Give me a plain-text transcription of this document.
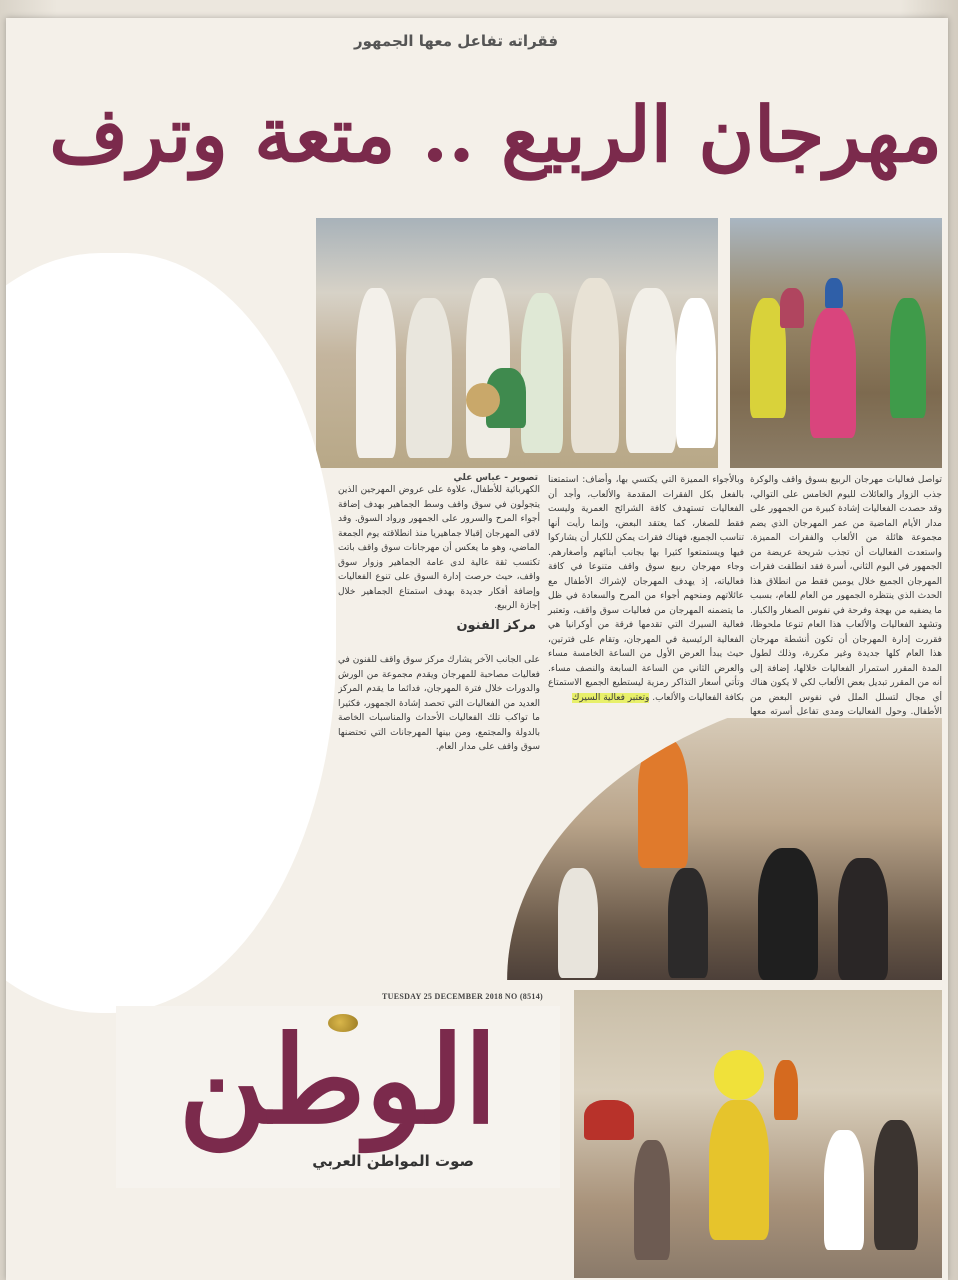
فقراته تفاعل معها الجمهور
مهرجان الربيع .. متعة وترف
تصوير - عباس علي	تواصل فعاليات مهرجان الربيع بسوق واقف والوكرة جذب الزوار والعائلات لليوم الخامس على التوالي، وقد حصدت الفعاليات إشادة كبيرة من الجمهور على مدار الأيام الماضية من عمر المهرجان الذي يضم مجموعة هائلة من الألعاب والفقرات المميزة. واستعدت الفعاليات أن تجذب شريحة عريضة من الجمهور في اليوم الثاني، أسرة فقد انطلقت فقرات المهرجان الجميع خلال يومين فقط من انطلاق هذا الحدث الذي ينتظره الجمهور من العام للعام، بسبب ما يضفيه من بهجة وفرحة في نفوس الصغار والكبار. وتشهد الفعاليات والألعاب هذا العام تنوعا ملحوظا، فقررت إدارة المهرجان أن تكون أنشطة مهرجان هذا العام كلها جديدة وغير مكررة، وذلك لطول المدة المقرر استمرار الفعاليات خلالها، إضافة إلى أنه من المقرر تبديل بعض الألعاب لكي لا يكون هناك أي مجال لتسلل الملل في نفوس البعض من الأطفال. وحول الفعاليات ومدى تفاعل أسرته معها
وبالأجواء المميزة التي يكتسي بها، وأضاف: استمتعنا بالفعل بكل الفقرات المقدمة والألعاب، وأجد أن الفعاليات تستهدف كافة الشرائح العمرية وليست فقط للصغار، كما يعتقد البعض، وإنما رأيت أنها تناسب الجميع، فهناك فقرات يمكن للكبار أن يشاركوا فيها ويستمتعوا كثيرا بها بجانب أبنائهم وأصغارهم. وجاء مهرجان ربيع سوق واقف متنوعا في كافة فعالياته، إذ يهدف المهرجان لإشراك الأطفال مع عائلاتهم ومنحهم أجواء من المرح والسعادة في ظل ما يتضمنه المهرجان من فعاليات سوق واقف، وتعتبر فعالية السيرك التي تقدمها فرقة من أوكرانيا هي الفعالية الرئيسية في المهرجان، وتقام على فترتين، حيث يبدأ العرض الأول من الساعة الخامسة مساء والعرض الثاني من الساعة السابعة والنصف مساء. وتأتي أسعار التذاكر رمزية ليستطيع الجميع الاستمتاع بكافة الفعاليات والألعاب. وتعتبر فعالية السيرك
الكهربائية للأطفال، علاوة على عروض المهرجين الذين يتجولون في سوق واقف وسط الجماهير بهدف إضافة أجواء المرح والسرور على الجمهور ورواد السوق. وقد لاقى المهرجان إقبالا جماهيريا منذ انطلاقته يوم الجمعة الماضي، وهو ما يعكس أن مهرجانات سوق واقف باتت تكتسب ثقة عالية لدى عامة الجماهير وزوار سوق واقف، حيث حرصت إدارة السوق على تنوع الفعاليات وإضافة أفكار جديدة بهدف استمتاع الجماهير خلال إجازة الربيع.
على الجانب الآخر يشارك مركز سوق واقف للفنون في فعاليات مصاحبة للمهرجان ويقدم مجموعة من الورش والدورات خلال فترة المهرجان، فدائما ما يقدم المركز العديد من الفعاليات التي تحصد إشادة الجمهور، فكثيرا ما تواكب تلك الفعاليات الأحداث والمناسبات الخاصة بالدولة والمجتمع، ومن بينها المهرجانات التي تحتضنها سوق واقف على مدار العام.
مركز الفنون
TUESDAY 25 DECEMBER 2018 NO (8514)
الوطن
صوت المواطن العربي
